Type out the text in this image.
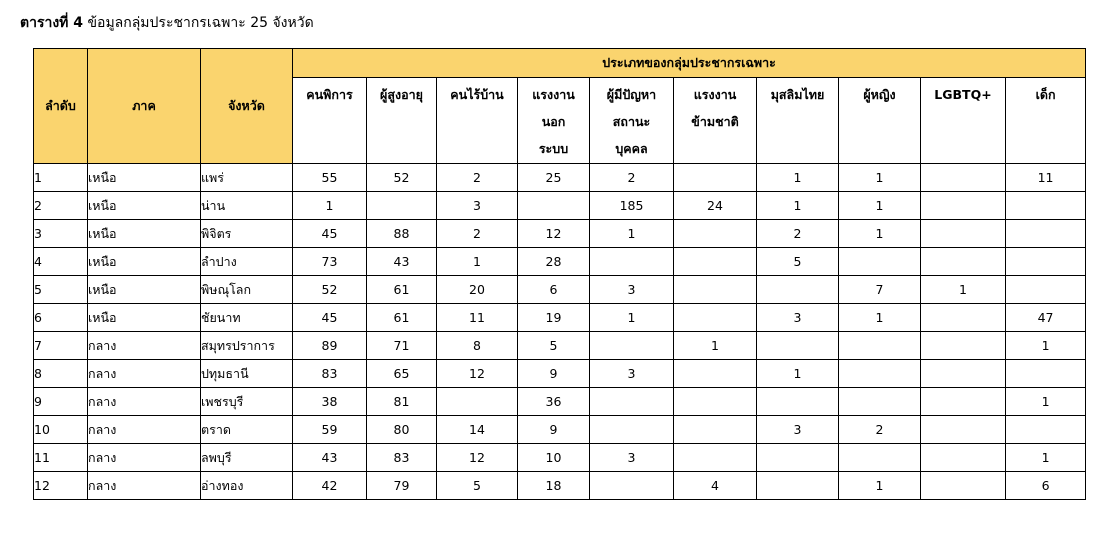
ตารางที่ 4 ข้อมูลกลุ่มประชากรเฉพาะ 25 จังหวัด
ลำดับ	ภาค	จังหวัด	ประเภทของกลุ่มประชากรเฉพาะ									

			คนพิการ	ผู้สูงอายุ	คนไร้บ้าน	แรงงาน
นอก
ระบบ	ผู้มีปัญหา
สถานะ
บุคคล	แรงงาน
ข้ามชาติ	มุสลิมไทย	ผู้หญิง	LGBTQ+	เด็ก

1	เหนือ	แพร่	55	52	2	25	2		1	1		11
2	เหนือ	น่าน	1		3		185	24	1	1		
3	เหนือ	พิจิตร	45	88	2	12	1		2	1		
4	เหนือ	ลำปาง	73	43	1	28			5			
5	เหนือ	พิษณุโลก	52	61	20	6	3			7	1	
6	เหนือ	ชัยนาท	45	61	11	19	1		3	1		47
7	กลาง	สมุทรปราการ	89	71	8	5		1				1
8	กลาง	ปทุมธานี	83	65	12	9	3		1			
9	กลาง	เพชรบุรี	38	81		36						1
10	กลาง	ตราด	59	80	14	9			3	2		
11	กลาง	ลพบุรี	43	83	12	10	3					1
12	กลาง	อ่างทอง	42	79	5	18		4		1		6
